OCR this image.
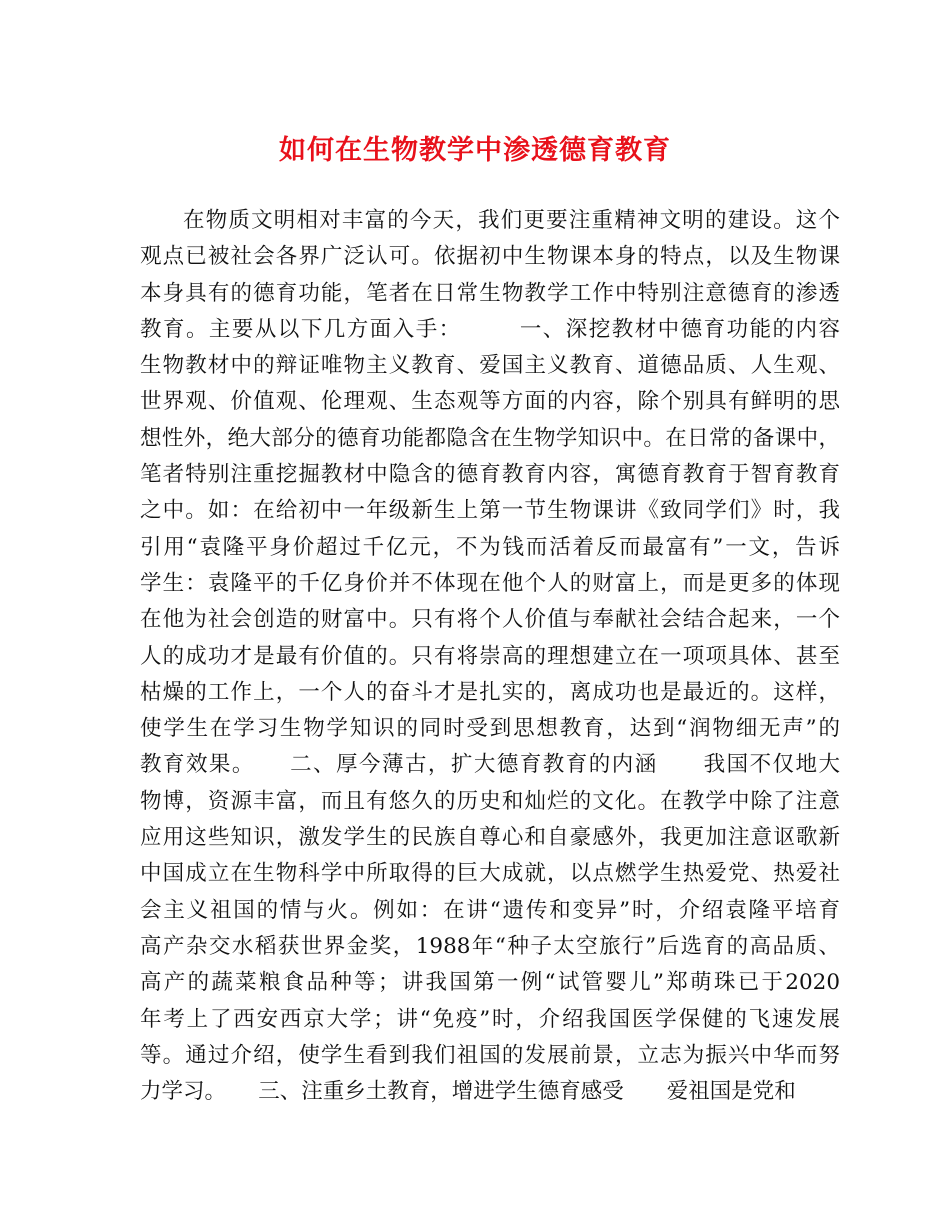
如何在生物教学中渗透德育教育
在物质文明相对丰富的今天，我们更要注重精神文明的建设。这个
观点已被社会各界广泛认可。依据初中生物课本身的特点，以及生物课
本身具有的德育功能，笔者在日常生物教学工作中特别注意德育的渗透
教育。主要从以下几方面入手：　　　一、深挖教材中德育功能的内容
生物教材中的辩证唯物主义教育、爱国主义教育、道德品质、人生观、
世界观、价值观、伦理观、生态观等方面的内容，除个别具有鲜明的思
想性外，绝大部分的德育功能都隐含在生物学知识中。在日常的备课中，
笔者特别注重挖掘教材中隐含的德育教育内容，寓德育教育于智育教育
之中。如：在给初中一年级新生上第一节生物课讲《致同学们》时，我
引用“袁隆平身价超过千亿元，不为钱而活着反而最富有”一文，告诉
学生：袁隆平的千亿身价并不体现在他个人的财富上，而是更多的体现
在他为社会创造的财富中。只有将个人价值与奉献社会结合起来，一个
人的成功才是最有价值的。只有将崇高的理想建立在一项项具体、甚至
枯燥的工作上，一个人的奋斗才是扎实的，离成功也是最近的。这样，
使学生在学习生物学知识的同时受到思想教育，达到“润物细无声”的
教育效果。　　二、厚今薄古，扩大德育教育的内涵　　我国不仅地大
物博，资源丰富，而且有悠久的历史和灿烂的文化。在教学中除了注意
应用这些知识，激发学生的民族自尊心和自豪感外，我更加注意讴歌新
中国成立在生物科学中所取得的巨大成就，以点燃学生热爱党、热爱社
会主义祖国的情与火。例如：在讲“遗传和变异”时，介绍袁隆平培育
高产杂交水稻获世界金奖，1988年“种子太空旅行”后选育的高品质、
高产的蔬菜粮食品种等；讲我国第一例“试管婴儿”郑萌珠已于2020
年考上了西安西京大学；讲“免疫”时，介绍我国医学保健的飞速发展
等。通过介绍，使学生看到我们祖国的发展前景，立志为振兴中华而努
力学习。　　三、注重乡土教育，增进学生德育感受　　爱祖国是党和
